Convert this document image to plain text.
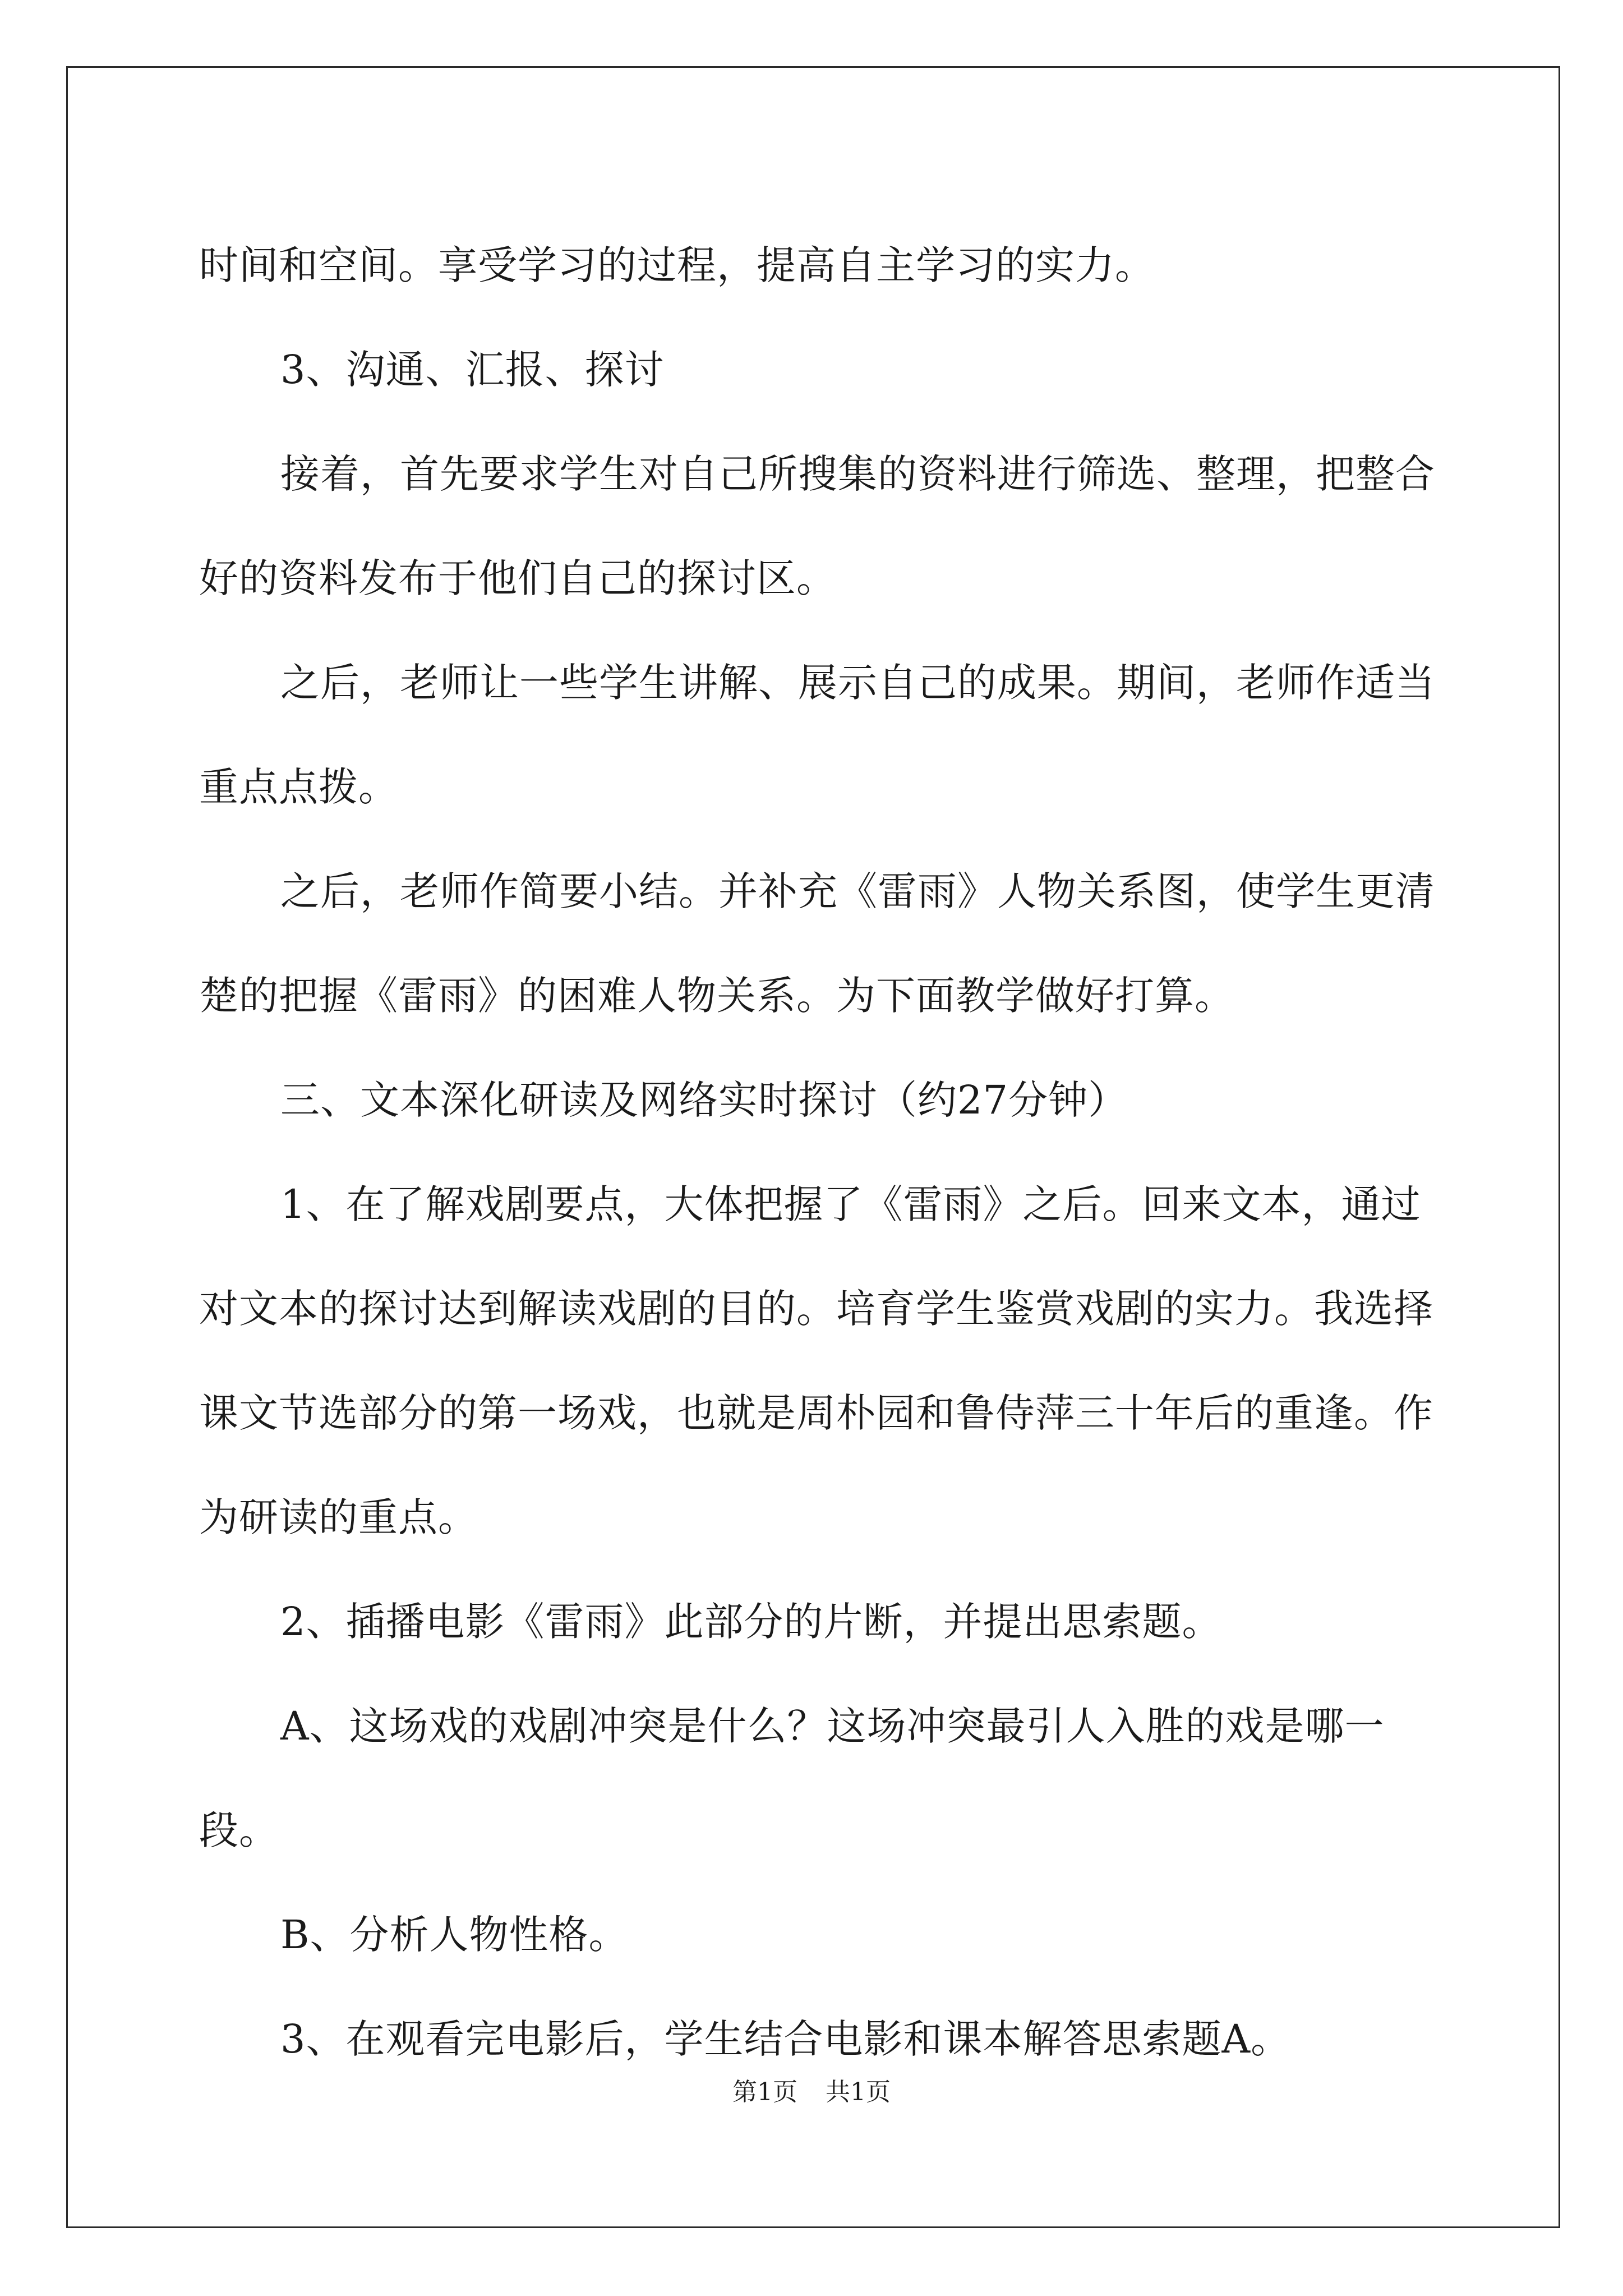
时间和空间。享受学习的过程，提高自主学习的实力。

3、沟通、汇报、探讨

接着，首先要求学生对自己所搜集的资料进行筛选、整理，把整合好的资料发布于他们自己的探讨区。

之后，老师让一些学生讲解、展示自己的成果。期间，老师作适当重点点拨。

之后，老师作简要小结。并补充《雷雨》人物关系图，使学生更清楚的把握《雷雨》的困难人物关系。为下面教学做好打算。

三、文本深化研读及网络实时探讨（约27分钟）

1、在了解戏剧要点，大体把握了《雷雨》之后。回来文本，通过对文本的探讨达到解读戏剧的目的。培育学生鉴赏戏剧的实力。我选择课文节选部分的第一场戏，也就是周朴园和鲁侍萍三十年后的重逢。作为研读的重点。

2、插播电影《雷雨》此部分的片断，并提出思索题。

A、这场戏的戏剧冲突是什么？这场冲突最引人入胜的戏是哪一段。

B、分析人物性格。

3、在观看完电影后，学生结合电影和课本解答思索题A。

第1页 共1页
